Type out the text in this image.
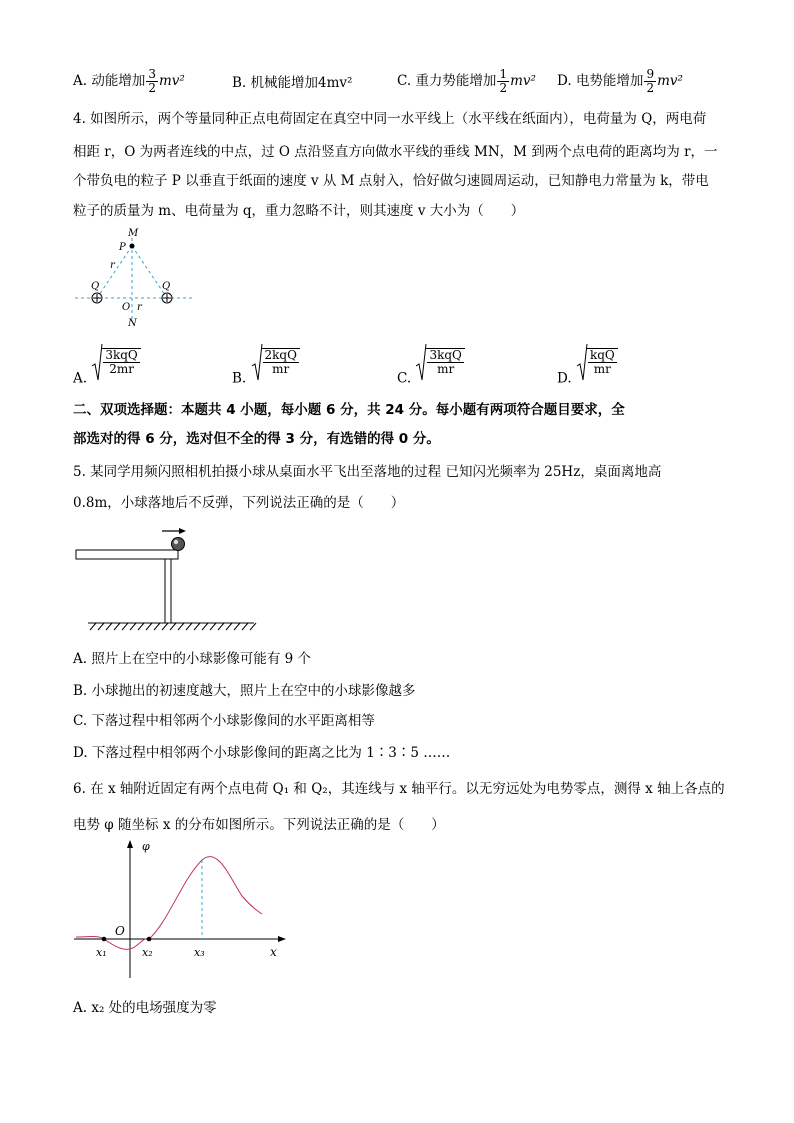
A. 动能增加 $\frac{3}{2} mv^2$	B. 机械能增加4mv²	C. 重力势能增加 $\frac{1}{2} mv^2$ D. 电势能增加 $\frac{9}{2} mv^2$
4. 如图所示，两个等量同种正点电荷固定在真空中同一水平线上（水平线在纸面内），电荷量为 Q，两电荷
相距 r，O 为两者连线的中点，过 O 点沿竖直方向做水平线的垂线 MN，M 到两个点电荷的距离均为 r，一
个带负电的粒子 P 以垂直于纸面的速度 v 从 M 点射入，恰好做匀速圆周运动，已知静电力常量为 k，带电
粒子的质量为 m、电荷量为 q，重力忽略不计，则其速度 v 大小为（　　）
M
P
r
Q	Q
O r
N
A.
$\frac{\text{3kqQ}}{2mr}$
B.
$\frac{\text{2kqQ}}{mr}$
C.
$\frac{\text{3kqQ}}{mr}$
D.
$\frac{\text{kqQ}}{mr}$
二、双项选择题：本题共 4 小题，每小题 6 分，共 24 分。每小题有两项符合题目要求，全
部选对的得 6 分，选对但不全的得 3 分，有选错的得 0 分。
5. 某同学用频闪照相机拍摄小球从桌面水平飞出至落地的过程 已知闪光频率为 25Hz，桌面离地高
0.8m，小球落地后不反弹，下列说法正确的是（　　）
A. 照片上在空中的小球影像可能有 9 个
B. 小球抛出的初速度越大，照片上在空中的小球影像越多
C. 下落过程中相邻两个小球影像间的水平距离相等
D. 下落过程中相邻两个小球影像间的距离之比为 1∶3∶5 ……
6. 在 x 轴附近固定有两个点电荷 Q₁ 和 Q₂，其连线与 x 轴平行。以无穷远处为电势零点，测得 x 轴上各点的
电势 φ 随坐标 x 的分布如图所示。下列说法正确的是（　　）
φ
O
x₁	x₂	x₃	x
A. x₂ 处的电场强度为零
